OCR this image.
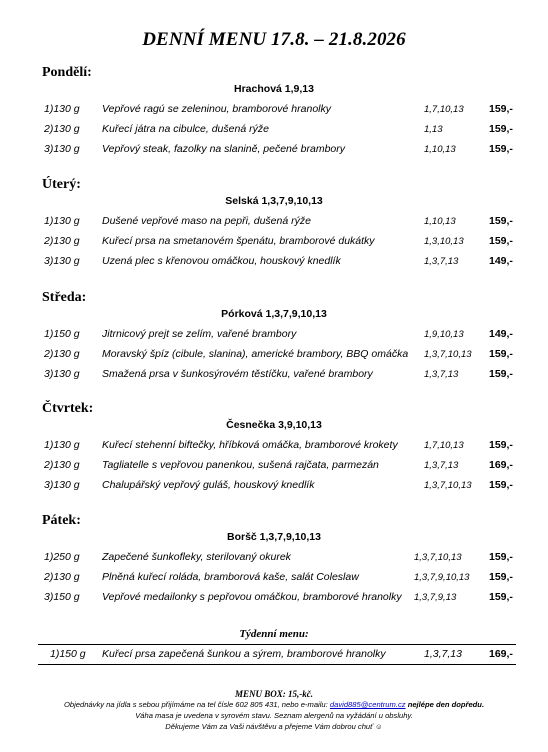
DENNÍ MENU 17.8. – 21.8.2026
Pondělí:
Hrachová 1,9,13
1)130 g Vepřové ragú se zeleninou, bramborové hranolky	1,7,10,13 159,-
2)130 g Kuřecí játra na cibulce, dušená rýže	1,13	159,-
3)130 g Vepřový steak, fazolky na slanině, pečené brambory	1,10,13	159,-
Úterý:
Selská 1,3,7,9,10,13
1)130 g Dušené vepřové maso na pepři, dušená rýže	1,10,13	159,-
2)130 g Kuřecí prsa na smetanovém špenátu, bramborové dukátky	1,3,10,13 159,-
3)130 g Uzená plec s křenovou omáčkou, houskový knedlík	1,3,7,13	149,-
Středa:
Pórková 1,3,7,9,10,13
1)150 g Jitrnicový prejt se zelím, vařené brambory	1,9,10,13 149,-
2)130 g Moravský špíz (cibule, slanina), americké brambory, BBQ omáčka 1,3,7,10,13 159,-
3)130 g Smažená prsa v šunkosýrovém těstíčku, vařené brambory	1,3,7,13	159,-
Čtvrtek:
Česnečka 3,9,10,13
1)130 g Kuřecí stehenní biftečky, hříbková omáčka, bramborové krokety	1,7,10,13 159,-
2)130 g Tagliatelle s vepřovou panenkou, sušená rajčata, parmezán	1,3,7,13	169,-
3)130 g Chalupářský vepřový guláš, houskový knedlík	1,3,7,10,13 159,-
Pátek:
Boršč 1,3,7,9,10,13
1)250 g Zapečené šunkofleky, sterilovaný okurek	1,3,7,10,13	159,-
2)130 g Plněná kuřecí roláda, bramborová kaše, salát Coleslaw	1,3,7,9,10,13 159,-
3)150 g Vepřové medailonky s pepřovou omáčkou, bramborové hranolky 1,3,7,9,13	159,-
Týdenní menu:
1)150 g Kuřecí prsa zapečená šunkou a sýrem, bramborové hranolky	1,3,7,13	169,-
MENU BOX: 15,-kč.
Objednávky na jídla s sebou přijímáme na tel čísle 602 805 431, nebo e-mailu: david885@centrum.cz nejlépe den dopředu.
Váha masa je uvedena v syrovém stavu. Seznam alergenů na vyžádání u obsluhy.
Děkujeme Vám za Vaši návštěvu a přejeme Vám dobrou chuť ☺
